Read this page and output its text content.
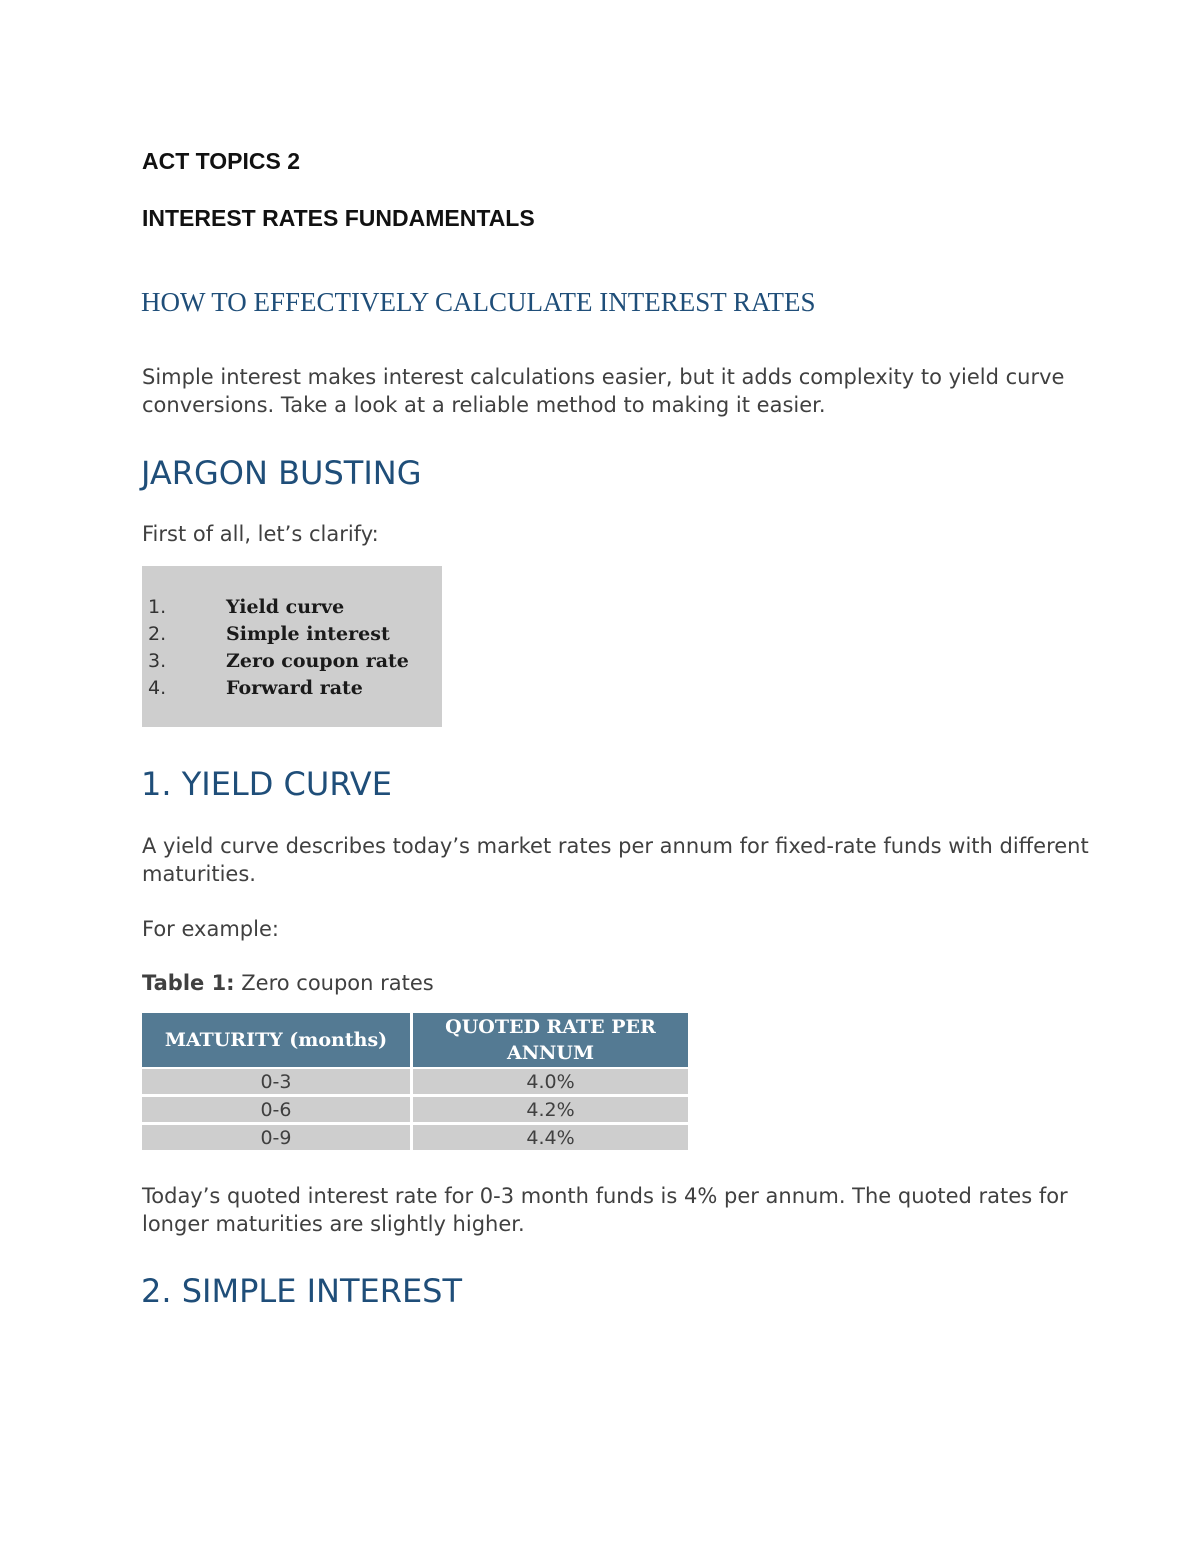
ACT TOPICS 2
INTEREST RATES FUNDAMENTALS
HOW TO EFFECTIVELY CALCULATE INTEREST RATES

Simple interest makes interest calculations easier, but it adds complexity to yield curve conversions. Take a look at a reliable method to making it easier.

JARGON BUSTING

First of all, let’s clarify:

1.	Yield curve
2.	Simple interest
3.	Zero coupon rate
4.	Forward rate
1. YIELD CURVE

A yield curve describes today’s market rates per annum for fixed-rate funds with different maturities.

For example:

Table 1: Zero coupon rates

MATURITY (months)	QUOTED RATE PER ANNUM
0-3	4.0%
0-6	4.2%
0-9	4.4%

Today’s quoted interest rate for 0-3 month funds is 4% per annum. The quoted rates for longer maturities are slightly higher.

2. SIMPLE INTEREST
